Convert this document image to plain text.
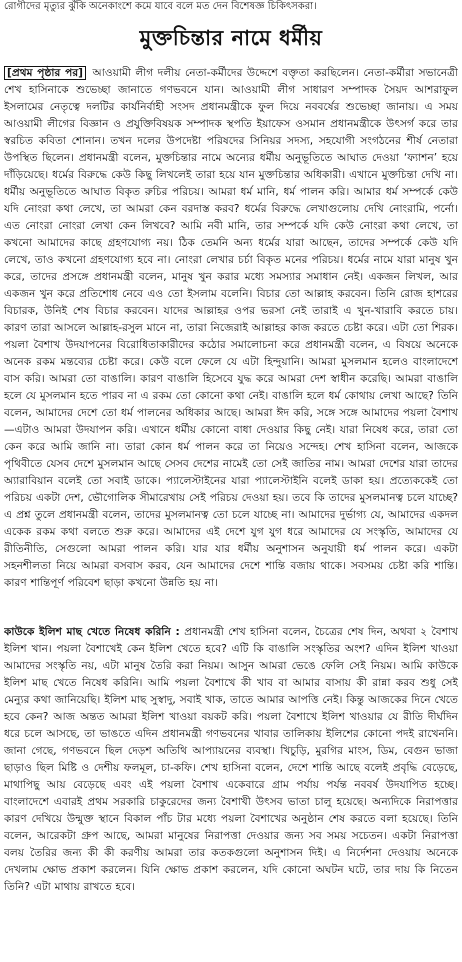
রোগীদের মৃত্যুর ঝুঁকি অনেকাংশে কমে যাবে বলে মত দেন বিশেষজ্ঞ চিকিৎসকরা।
মুক্তচিন্তার নামে ধর্মীয়

[প্রথম পৃষ্ঠার পর] আওয়ামী লীগ দলীয় নেতা-কর্মীদের উদ্দেশে বক্তৃতা করছিলেন। নেতা-কর্মীরা সভানেত্রী শেখ হাসিনাকে শুভেচ্ছা জানাতে গণভবনে যান। আওয়ামী লীগ সাধারণ সম্পাদক সৈয়দ আশরাফুল ইসলামের নেতৃত্বে দলটির কার্যনির্বাহী সংসদ প্রধানমন্ত্রীকে ফুল দিয়ে নববর্ষের শুভেচ্ছা জানায়। এ সময় আওয়ামী লীগের বিজ্ঞান ও প্রযুক্তিবিষয়ক সম্পাদক স্থপতি ইয়াফেস ওসমান প্রধানমন্ত্রীকে উৎসর্গ করে তার স্বরচিত কবিতা শোনান। তখন দলের উপদেষ্টা পরিষদের সিনিয়র সদস্য, সহযোগী সংগঠনের শীর্ষ নেতারা উপস্থিত ছিলেন। প্রধানমন্ত্রী বলেন, মুক্তচিন্তার নামে অন্যের ধর্মীয় অনুভূতিতে আঘাত দেওয়া ‘ফ্যাশন’ হয়ে দাঁড়িয়েছে। ধর্মের বিরুদ্ধে কেউ কিছু লিখলেই তারা হয়ে যান মুক্তচিন্তার অধিকারী। এখানে মুক্তচিন্তা দেখি না। ধর্মীয় অনুভূতিতে আঘাত বিকৃত রুচির পরিচয়। আমরা ধর্ম মানি, ধর্ম পালন করি। আমার ধর্ম সম্পর্কে কেউ যদি নোংরা কথা লেখে, তা আমরা কেন বরদাস্ত করব? ধর্মের বিরুদ্ধে লেখাগুলোয় দেখি নোংরামি, পর্নো। এত নোংরা নোংরা লেখা কেন লিখবে? আমি নবী মানি, তার সম্পর্কে যদি কেউ নোংরা কথা লেখে, তা কখনো আমাদের কাছে গ্রহণযোগ্য নয়। ঠিক তেমনি অন্য ধর্মের যারা আছেন, তাদের সম্পর্কে কেউ যদি লেখে, তাও কখনো গ্রহণযোগ্য হবে না। নোংরা লেখার চর্চা বিকৃত মনের পরিচয়। ধর্মের নামে যারা মানুষ খুন করে, তাদের প্রসঙ্গে প্রধানমন্ত্রী বলেন, মানুষ খুন করার মধ্যে সমস্যার সমাধান নেই। একজন লিখল, আর একজন খুন করে প্রতিশোধ নেবে এও তো ইসলাম বলেনি। বিচার তো আল্লাহ করবেন। তিনি রোজ হাশরের বিচারক, উনিই শেষ বিচার করবেন। যাদের আল্লাহর ওপর ভরসা নেই তারাই এ খুন-খারাবি করতে চায়। কারণ তারা আসলে আল্লাহ-রসুল মানে না, তারা নিজেরাই আল্লাহর কাজ করতে চেষ্টা করে। এটা তো শিরক। পয়লা বৈশাখ উদযাপনের বিরোধিতাকারীদের কঠোর সমালোচনা করে প্রধানমন্ত্রী বলেন, এ বিষয়ে অনেকে অনেক রকম মন্তব্যের চেষ্টা করে। কেউ বলে ফেলে যে এটা হিন্দুয়ানি। আমরা মুসলমান হলেও বাংলাদেশে বাস করি। আমরা তো বাঙালি। কারণ বাঙালি হিসেবে যুদ্ধ করে আমরা দেশ স্বাধীন করেছি। আমরা বাঙালি হলে যে মুসলমান হতে পারব না এ রকম তো কোনো কথা নেই। বাঙালি হলে ধর্ম কোথায় লেখা আছে? তিনি বলেন, আমাদের দেশে তো ধর্ম পালনের অধিকার আছে। আমরা ঈদ করি, সঙ্গে সঙ্গে আমাদের পয়লা বৈশাখ—এটাও আমরা উদযাপন করি। এখানে ধর্মীয় কোনো বাধা দেওয়ার কিছু নেই। যারা নিষেধ করে, তারা তো কেন করে আমি জানি না। তারা কোন ধর্ম পালন করে তা নিয়েও সন্দেহ। শেখ হাসিনা বলেন, আজকে পৃথিবীতে যেসব দেশে মুসলমান আছে সেসব দেশের নামেই তো সেই জাতির নাম। আমরা দেশের যারা তাদের অ্যারাবিয়ান বলেই তো সবাই ডাকে। প্যালেস্টাইনের যারা প্যালেস্টাইনি বলেই ডাকা হয়। প্রত্যেককেই তো পরিচয় একটা দেশ, ভৌগোলিক সীমারেখায় সেই পরিচয় দেওয়া হয়। তবে কি তাদের মুসলমানত্ব চলে যাচ্ছে? এ প্রশ্ন তুলে প্রধানমন্ত্রী বলেন, তাদের মুসলমানত্ব তো চলে যাচ্ছে না। আমাদের দুর্ভাগ্য যে, আমাদের একদল একেক রকম কথা বলতে শুরু করে। আমাদের এই দেশে যুগ যুগ ধরে আমাদের যে সংস্কৃতি, আমাদের যে রীতিনীতি, সেগুলো আমরা পালন করি। যার যার ধর্মীয় অনুশাসন অনুযায়ী ধর্ম পালন করে। একটা সহনশীলতা নিয়ে আমরা বসবাস করব, যেন আমাদের দেশে শান্তি বজায় থাকে। সবসময় চেষ্টা করি শান্তি। কারণ শান্তিপূর্ণ পরিবেশ ছাড়া কখনো উন্নতি হয় না।

কাউকে ইলিশ মাছ খেতে নিষেধ করিনি : প্রধানমন্ত্রী শেখ হাসিনা বলেন, চৈত্রের শেষ দিন, অথবা ২ বৈশাখ ইলিশ খান। পয়লা বৈশাখেই কেন ইলিশ খেতে হবে? এটি কি বাঙালি সংস্কৃতির অংশ? এদিন ইলিশ খাওয়া আমাদের সংস্কৃতি নয়, এটা মানুষ তৈরি করা নিয়ম। আসুন আমরা ভেঙে ফেলি সেই নিয়ম। আমি কাউকে ইলিশ মাছ খেতে নিষেধ করিনি। আমি পয়লা বৈশাখে কী খাব বা আমার বাসায় কী রান্না করব শুধু সেই মেন্যুর কথা জানিয়েছি। ইলিশ মাছ সুস্বাদু, সবাই খাক, তাতে আমার আপত্তি নেই। কিন্তু আজকের দিনে খেতে হবে কেন? আজ অন্তত আমরা ইলিশ খাওয়া বয়কট করি। পয়লা বৈশাখে ইলিশ খাওয়ার যে রীতি দীর্ঘদিন ধরে চলে আসছে, তা ভাঙতে এদিন প্রধানমন্ত্রী গণভবনের খাবার তালিকায় ইলিশের কোনো পদই রাখেননি। জানা গেছে, গণভবনে ছিল দেড়শ অতিথি আপ্যায়নের ব্যবস্থা। খিচুড়ি, মুরগির মাংস, ডিম, বেগুন ভাজা ছাড়াও ছিল মিষ্টি ও দেশীয় ফলমূল, চা-কফি। শেখ হাসিনা বলেন, দেশে শান্তি আছে বলেই প্রবৃদ্ধি বেড়েছে, মাথাপিছু আয় বেড়েছে এবং এই পয়লা বৈশাখ একেবারে গ্রাম পর্যায় পর্যন্ত নববর্ষ উদযাপিত হচ্ছে। বাংলাদেশে এবারই প্রথম সরকারি চাকুরেদের জন্য বৈশাখী উৎসব ভাতা চালু হয়েছে। অন্যদিকে নিরাপত্তার কারণ দেখিয়ে উন্মুক্ত স্থানে বিকাল পাঁচ টার মধ্যে পয়লা বৈশাখের অনুষ্ঠান শেষ করতে বলা হয়েছে। তিনি বলেন, আরেকটা গ্রুপ আছে, আমরা মানুষের নিরাপত্তা দেওয়ার জন্য সব সময় সচেতন। একটা নিরাপত্তা বলয় তৈরির জন্য কী কী করণীয় আমরা তার কতকগুলো অনুশাসন দিই। এ নির্দেশনা দেওয়ায় অনেকে দেখলাম ক্ষোভ প্রকাশ করলেন। যিনি ক্ষোভ প্রকাশ করলেন, যদি কোনো অঘটন ঘটে, তার দায় কি নিতেন তিনি? এটা মাথায় রাখতে হবে।
